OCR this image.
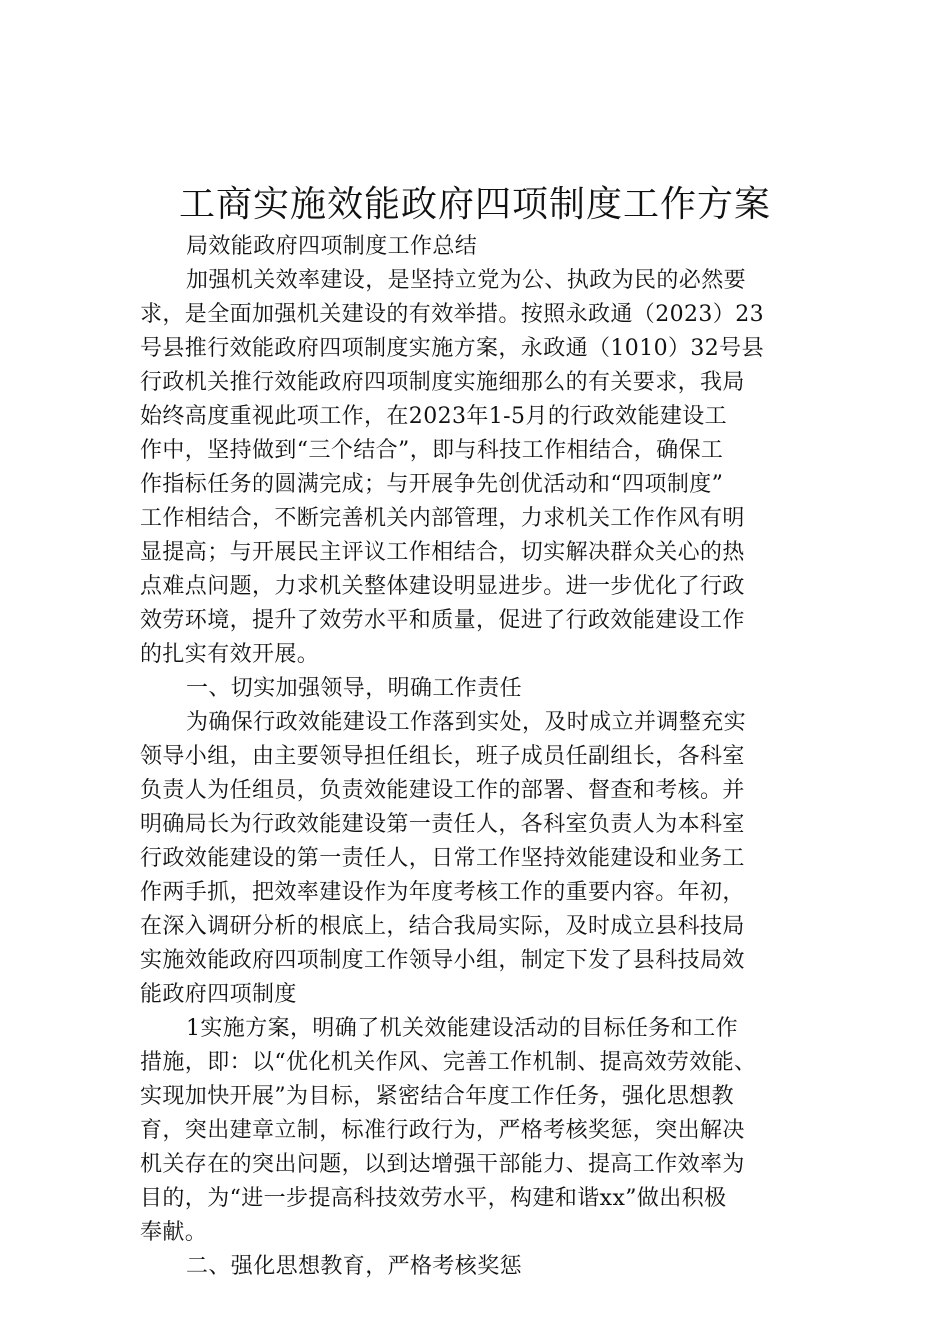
工商实施效能政府四项制度工作方案
局效能政府四项制度工作总结
加强机关效率建设，是坚持立党为公、执政为民的必然要
求，是全面加强机关建设的有效举措。按照永政通（2023）23
号县推行效能政府四项制度实施方案，永政通（1010）32号县
行政机关推行效能政府四项制度实施细那么的有关要求，我局
始终高度重视此项工作，在2023年1-5月的行政效能建设工
作中，坚持做到“三个结合”，即与科技工作相结合，确保工
作指标任务的圆满完成；与开展争先创优活动和“四项制度”
工作相结合，不断完善机关内部管理，力求机关工作作风有明
显提高；与开展民主评议工作相结合，切实解决群众关心的热
点难点问题，力求机关整体建设明显进步。进一步优化了行政
效劳环境，提升了效劳水平和质量，促进了行政效能建设工作
的扎实有效开展。
一、切实加强领导，明确工作责任
为确保行政效能建设工作落到实处，及时成立并调整充实
领导小组，由主要领导担任组长，班子成员任副组长，各科室
负责人为任组员，负责效能建设工作的部署、督查和考核。并
明确局长为行政效能建设第一责任人，各科室负责人为本科室
行政效能建设的第一责任人，日常工作坚持效能建设和业务工
作两手抓，把效率建设作为年度考核工作的重要内容。年初，
在深入调研分析的根底上，结合我局实际，及时成立县科技局
实施效能政府四项制度工作领导小组，制定下发了县科技局效
能政府四项制度
1实施方案，明确了机关效能建设活动的目标任务和工作
措施，即：以“优化机关作风、完善工作机制、提高效劳效能、
实现加快开展”为目标，紧密结合年度工作任务，强化思想教
育，突出建章立制，标准行政行为，严格考核奖惩，突出解决
机关存在的突出问题，以到达增强干部能力、提高工作效率为
目的，为“进一步提高科技效劳水平，构建和谐xx”做出积极
奉献。
二、强化思想教育，严格考核奖惩
